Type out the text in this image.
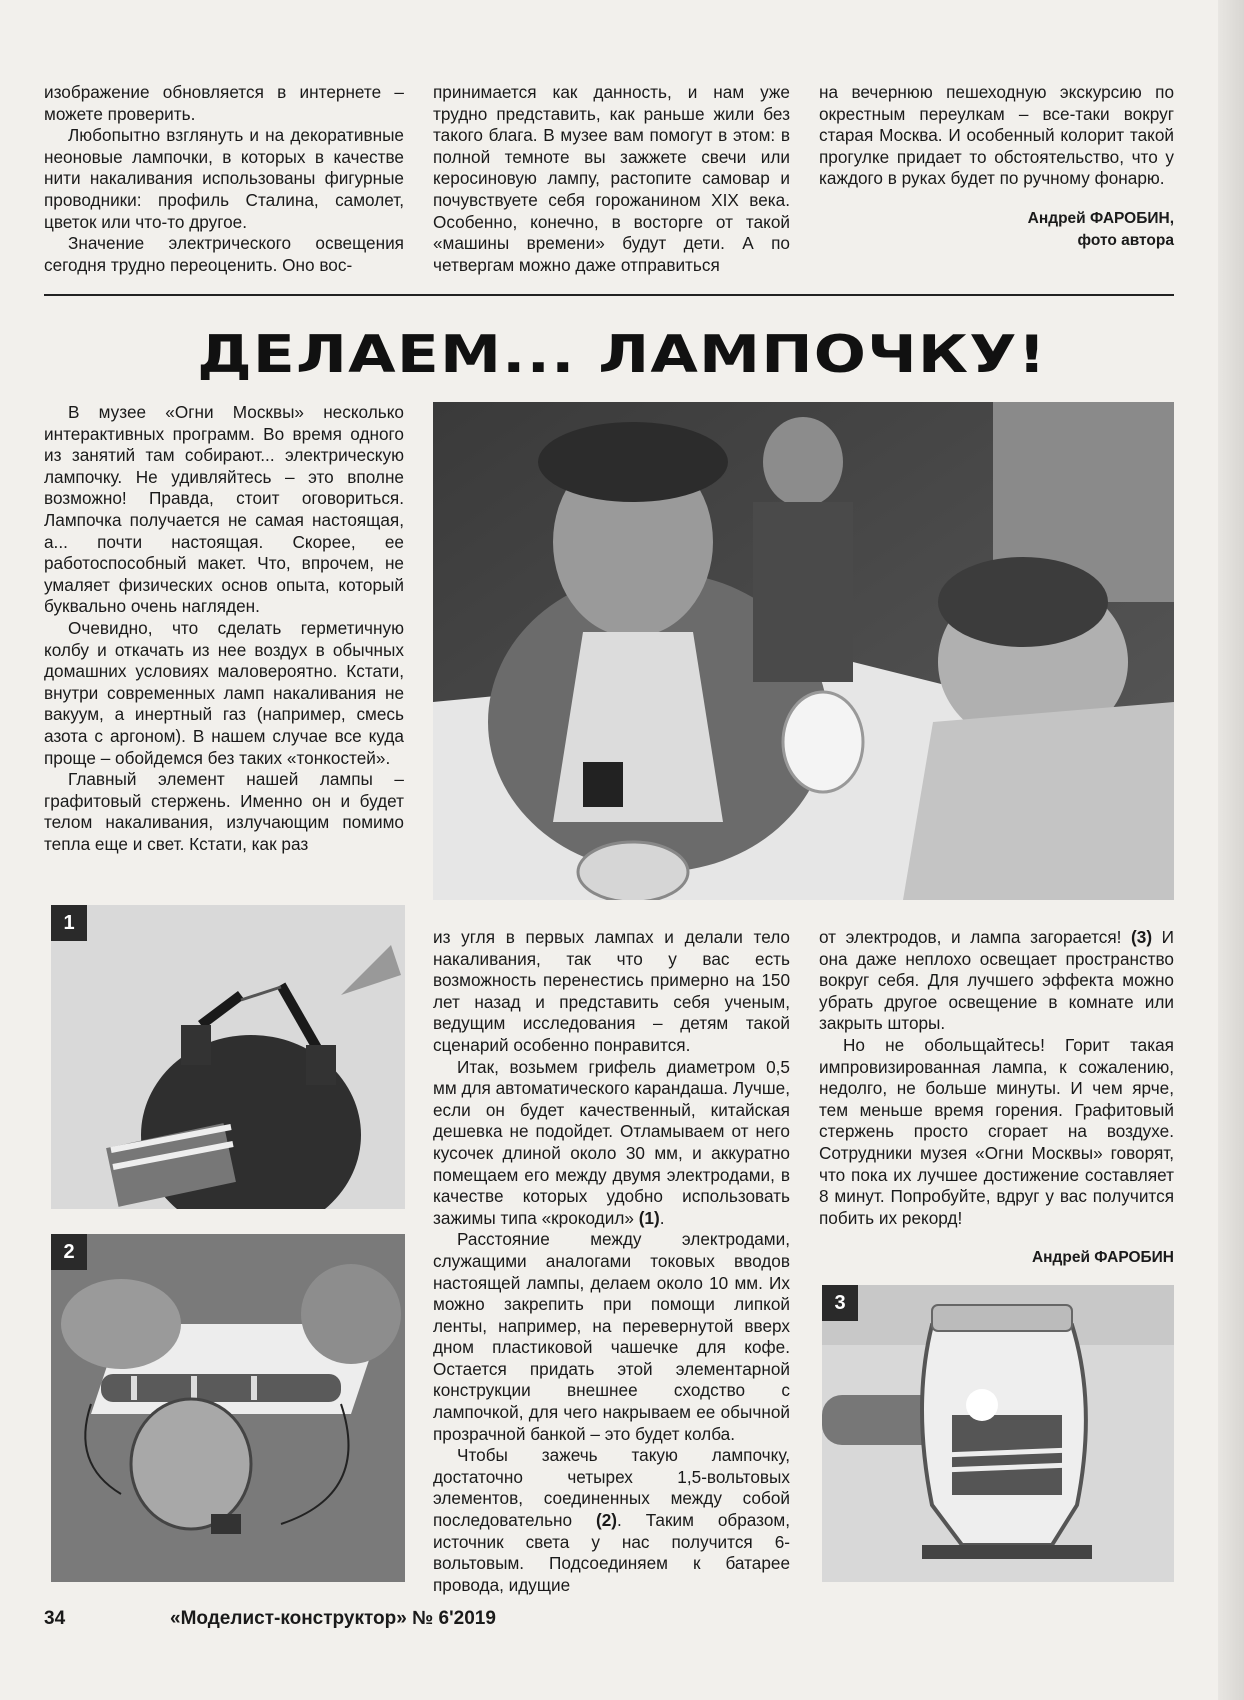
изображение обновляется в интернете – можете проверить.

Любопытно взглянуть и на декоративные неоновые лампочки, в которых в качестве нити накаливания использованы фигурные проводники: профиль Сталина, самолет, цветок или что-то другое.

Значение электрического освещения сегодня трудно переоценить. Оно вос-

принимается как данность, и нам уже трудно представить, как раньше жили без такого блага. В музее вам помогут в этом: в полной темноте вы зажжете свечи или керосиновую лампу, растопите самовар и почувствуете себя горожанином XIX века. Особенно, конечно, в восторге от такой «машины времени» будут дети. А по четвергам можно даже отправиться

на вечернюю пешеходную экскурсию по окрестным переулкам – все-таки вокруг старая Москва. И особенный колорит такой прогулке придает то обстоятельство, что у каждого в руках будет по ручному фонарю.

Андрей ФАРОБИН,
фото автора
ДЕЛАЕМ... ЛАМПОЧКУ!

В музее «Огни Москвы» несколько интерактивных программ. Во время одного из занятий там собирают... электрическую лампочку. Не удивляйтесь – это вполне возможно! Правда, стоит оговориться. Лампочка получается не самая настоящая, а... почти настоящая. Скорее, ее работоспособный макет. Что, впрочем, не умаляет физических основ опыта, который буквально очень нагляден.

Очевидно, что сделать герметичную колбу и откачать из нее воздух в обычных домашних условиях маловероятно. Кстати, внутри современных ламп накаливания не вакуум, а инертный газ (например, смесь азота с аргоном). В нашем случае все куда проще – обойдемся без таких «тонкостей».

Главный элемент нашей лампы – графитовый стержень. Именно он и будет телом накаливания, излучающим помимо тепла еще и свет. Кстати, как раз

из угля в первых лампах и делали тело накаливания, так что у вас есть возможность перенестись примерно на 150 лет назад и представить себя ученым, ведущим исследования – детям такой сценарий особенно понравится.

Итак, возьмем грифель диаметром 0,5 мм для автоматического карандаша. Лучше, если он будет качественный, китайская дешевка не подойдет. Отламываем от него кусочек длиной около 30 мм, и аккуратно помещаем его между двумя электродами, в качестве которых удобно использовать зажимы типа «крокодил» (1).

Расстояние между электродами, служащими аналогами токовых вводов настоящей лампы, делаем около 10 мм. Их можно закрепить при помощи липкой ленты, например, на перевернутой вверх дном пластиковой чашечке для кофе. Остается придать этой элементарной конструкции внешнее сходство с лампочкой, для чего накрываем ее обычной прозрачной банкой – это будет колба.

Чтобы зажечь такую лампочку, достаточно четырех 1,5-вольтовых элементов, соединенных между собой последовательно (2). Таким образом, источник света у нас получится 6-вольтовым. Подсоединяем к батарее провода, идущие

от электродов, и лампа загорается! (3) И она даже неплохо освещает пространство вокруг себя. Для лучшего эффекта можно убрать другое освещение в комнате или закрыть шторы.

Но не обольщайтесь! Горит такая импровизированная лампа, к сожалению, недолго, не больше минуты. И чем ярче, тем меньше время горения. Графитовый стержень просто сгорает на воздухе. Сотрудники музея «Огни Москвы» говорят, что пока их лучшее достижение составляет 8 минут. Попробуйте, вдруг у вас получится побить их рекорд!

Андрей ФАРОБИН
1
2
3
34	«Моделист-конструктор» № 6'2019
